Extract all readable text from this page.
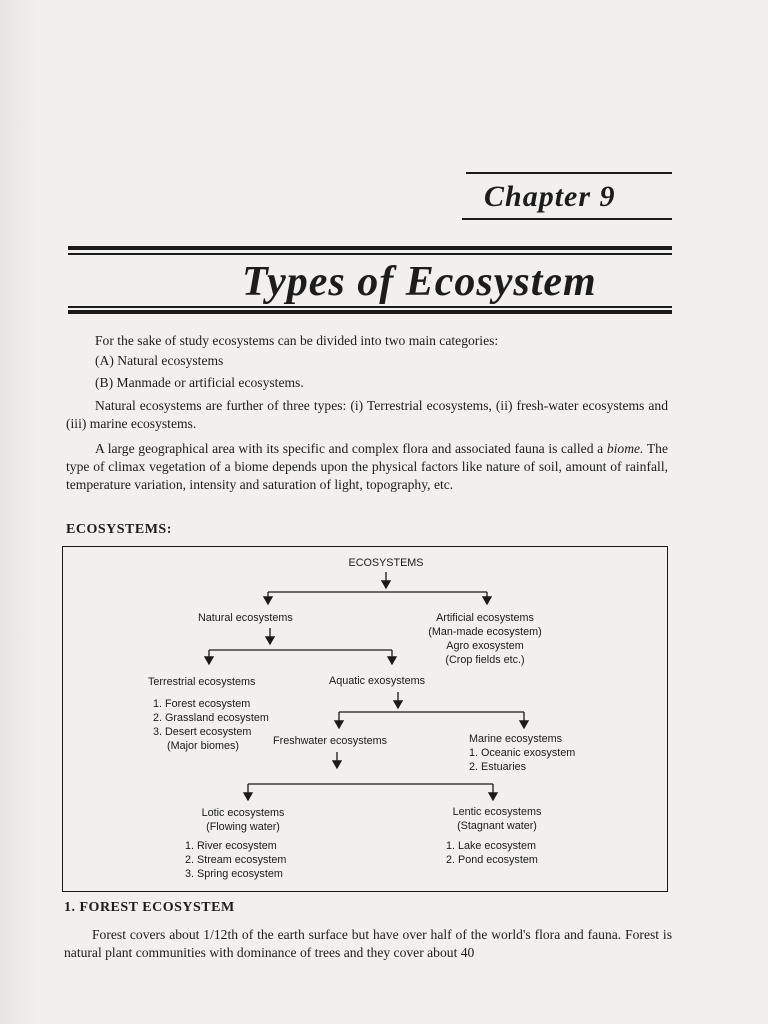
Chapter 9
Types of Ecosystem
For the sake of study ecosystems can be divided into two main categories:
(A) Natural ecosystems
(B) Manmade or artificial ecosystems.
Natural ecosystems are further of three types: (i) Terrestrial ecosystems, (ii) fresh-water ecosystems and (iii) marine ecosystems.
A large geographical area with its specific and complex flora and associated fauna is called a biome. The type of climax vegetation of a biome depends upon the physical factors like nature of soil, amount of rainfall, temperature variation, intensity and saturation of light, topography, etc.
ECOSYSTEMS:
ECOSYSTEMS
Natural ecosystems	Artificial ecosystems
(Man-made ecosystem)
Agro exosystem
(Crop fields etc.)
Terrestrial ecosystems	Aquatic exosystems
1. Forest ecosystem
2. Grassland ecosystem
3. Desert ecosystem
(Major biomes)	Freshwater ecosystems	Marine ecosystems
1. Oceanic exosystem
2. Estuaries
Lotic ecosystems
(Flowing water)
1. River ecosystem
2. Stream ecosystem
3. Spring ecosystem
Lentic ecosystems
(Stagnant water)
1. Lake ecosystem
2. Pond ecosystem
1. FOREST ECOSYSTEM
Forest covers about 1/12th of the earth surface but have over half of the world's flora and fauna. Forest is natural plant communities with dominance of trees and they cover about 40
